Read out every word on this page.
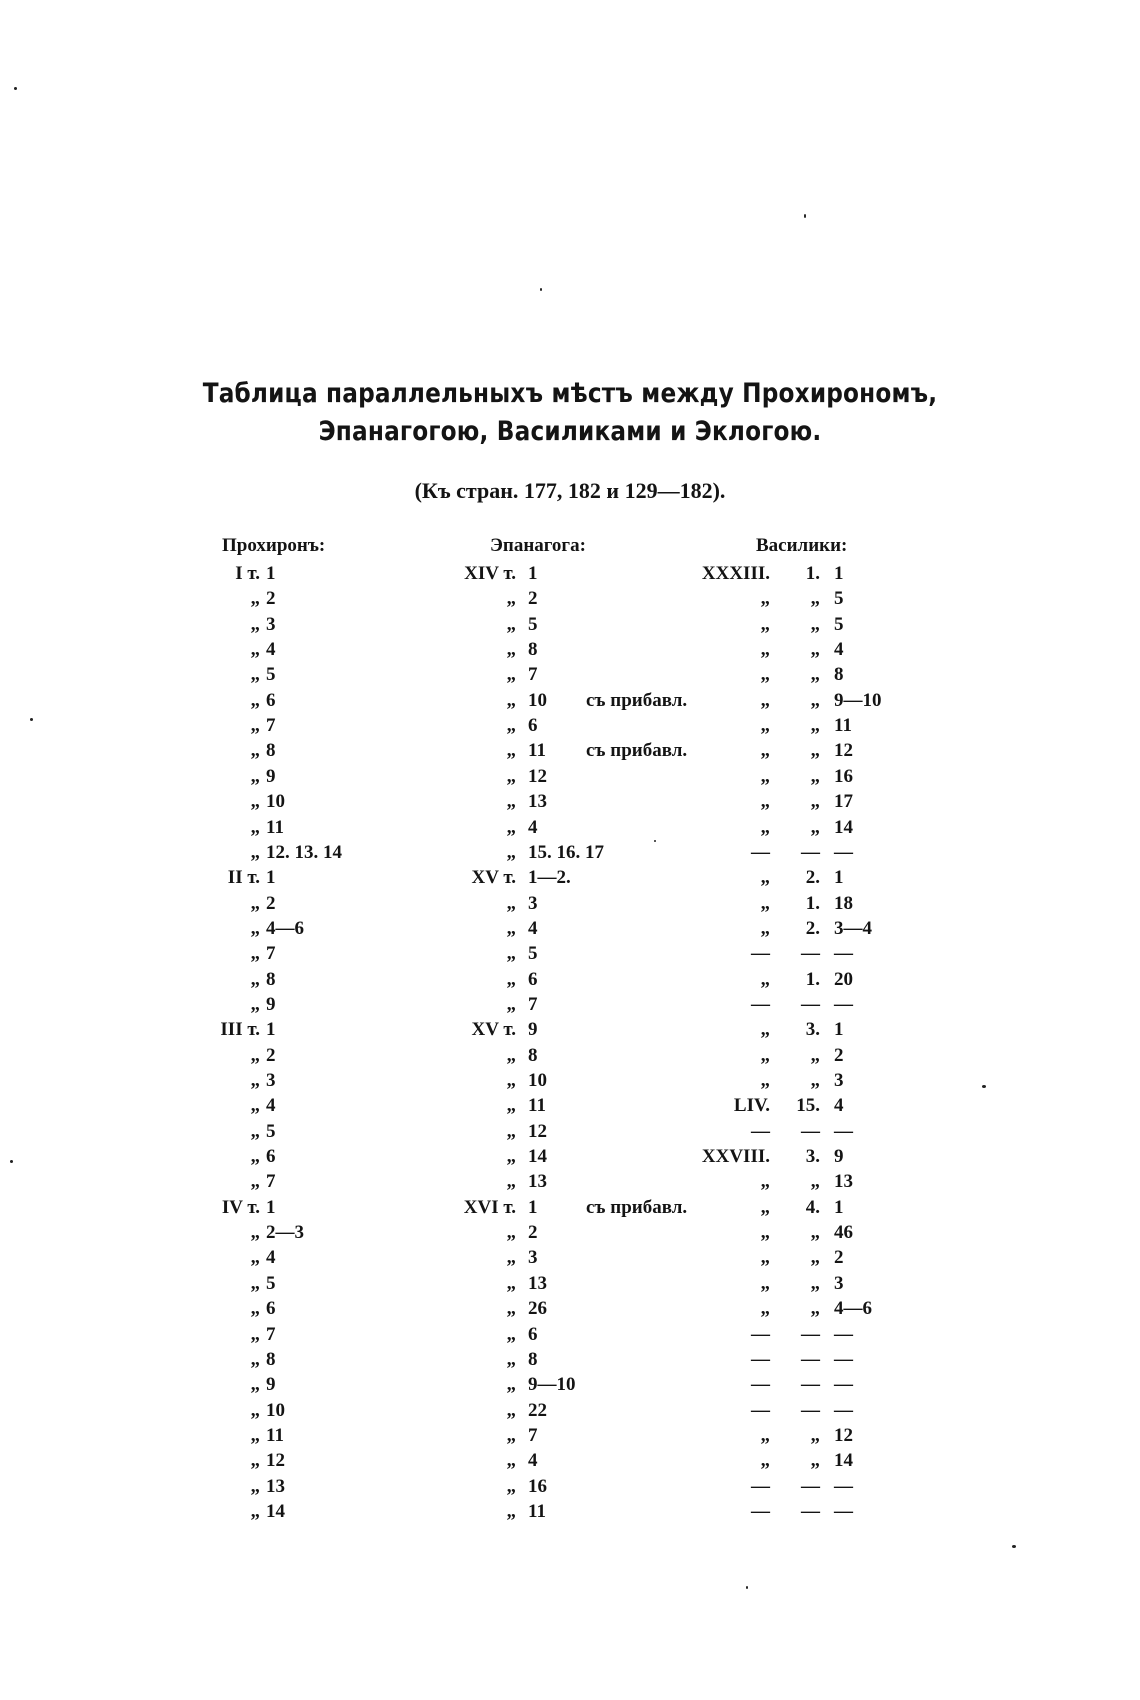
Таблица параллельныхъ мѣстъ между Прохирономъ,
Эпанагогою, Василиками и Эклогою.
(Къ стран. 177, 182 и 129—182).
Прохиронъ:	Эпанагога:	Василики:
I т. 1	XIV т. 1	XXXIII.	1. 1
„ 2	„ 2	„	„ 5
„ 3	„ 5	„	„ 5
„ 4	„ 8	„	„ 4
„ 5	„ 7	„	„ 8
„ 6	„ 10	съ прибавл.	„	„ 9—10
„ 7	„ 6	„	„ 11
„ 8	„ 11	съ прибавл.	„	„ 12
„ 9	„ 12	„	„ 16
„ 10	„ 13	„	„ 17
„ 11	„ 4	„	„ 14
„ 12. 13. 14	„ 15. 16. 17	—	— —
II т. 1	XV т. 1—2.	„	2. 1
„ 2	„ 3	„	1. 18
„ 4—6	„ 4	„	2. 3—4
„ 7	„ 5	—	— —
„ 8	„ 6	„	1. 20
„ 9	„ 7	—	— —
III т. 1	XV т. 9	„	3. 1
„ 2	„ 8	„	„ 2
„ 3	„ 10	„	„ 3
„ 4	„ 11	LIV.	15. 4
„ 5	„ 12	—	— —
„ 6	„ 14	XXVIII.	3. 9
„ 7	„ 13	„	„ 13
IV т. 1	XVI т. 1	съ прибавл.	„	4. 1
„ 2—3	„ 2	„	„ 46
„ 4	„ 3	„	„ 2
„ 5	„ 13	„	„ 3
„ 6	„ 26	„	„ 4—6
„ 7	„ 6	—	— —
„ 8	„ 8	—	— —
„ 9	„ 9—10	—	— —
„ 10	„ 22	—	— —
„ 11	„ 7	„	„ 12
„ 12	„ 4	„	„ 14
„ 13	„ 16	—	— —
„ 14	„ 11	—	— —
